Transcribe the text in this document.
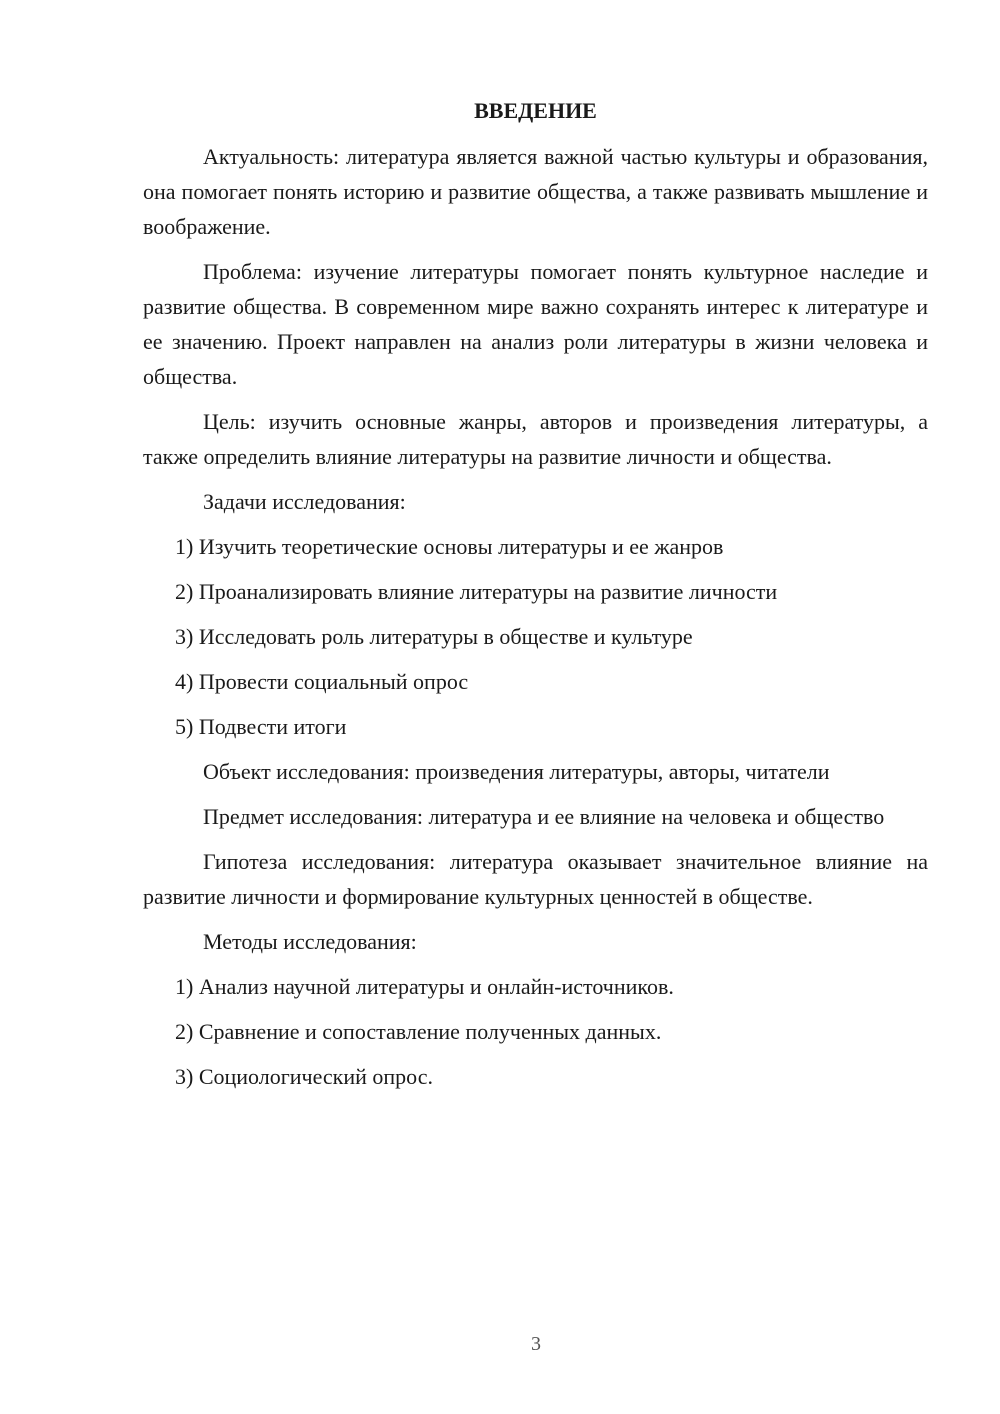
ВВЕДЕНИЕ

Актуальность: литература является важной частью культуры и образования, она помогает понять историю и развитие общества, а также развивать мышление и воображение.

Проблема: изучение литературы помогает понять культурное наследие и развитие общества. В современном мире важно сохранять интерес к литературе и ее значению. Проект направлен на анализ роли литературы в жизни человека и общества.

Цель: изучить основные жанры, авторов и произведения литературы, а также определить влияние литературы на развитие личности и общества.

Задачи исследования:

1) Изучить теоретические основы литературы и ее жанров
2) Проанализировать влияние литературы на развитие личности
3) Исследовать роль литературы в обществе и культуре
4) Провести социальный опрос
5) Подвести итоги

Объект исследования: произведения литературы, авторы, читатели

Предмет исследования: литература и ее влияние на человека и общество

Гипотеза исследования: литература оказывает значительное влияние на развитие личности и формирование культурных ценностей в обществе.

Методы исследования:

1) Анализ научной литературы и онлайн-источников.
2) Сравнение и сопоставление полученных данных.
3) Социологический опрос.
3
